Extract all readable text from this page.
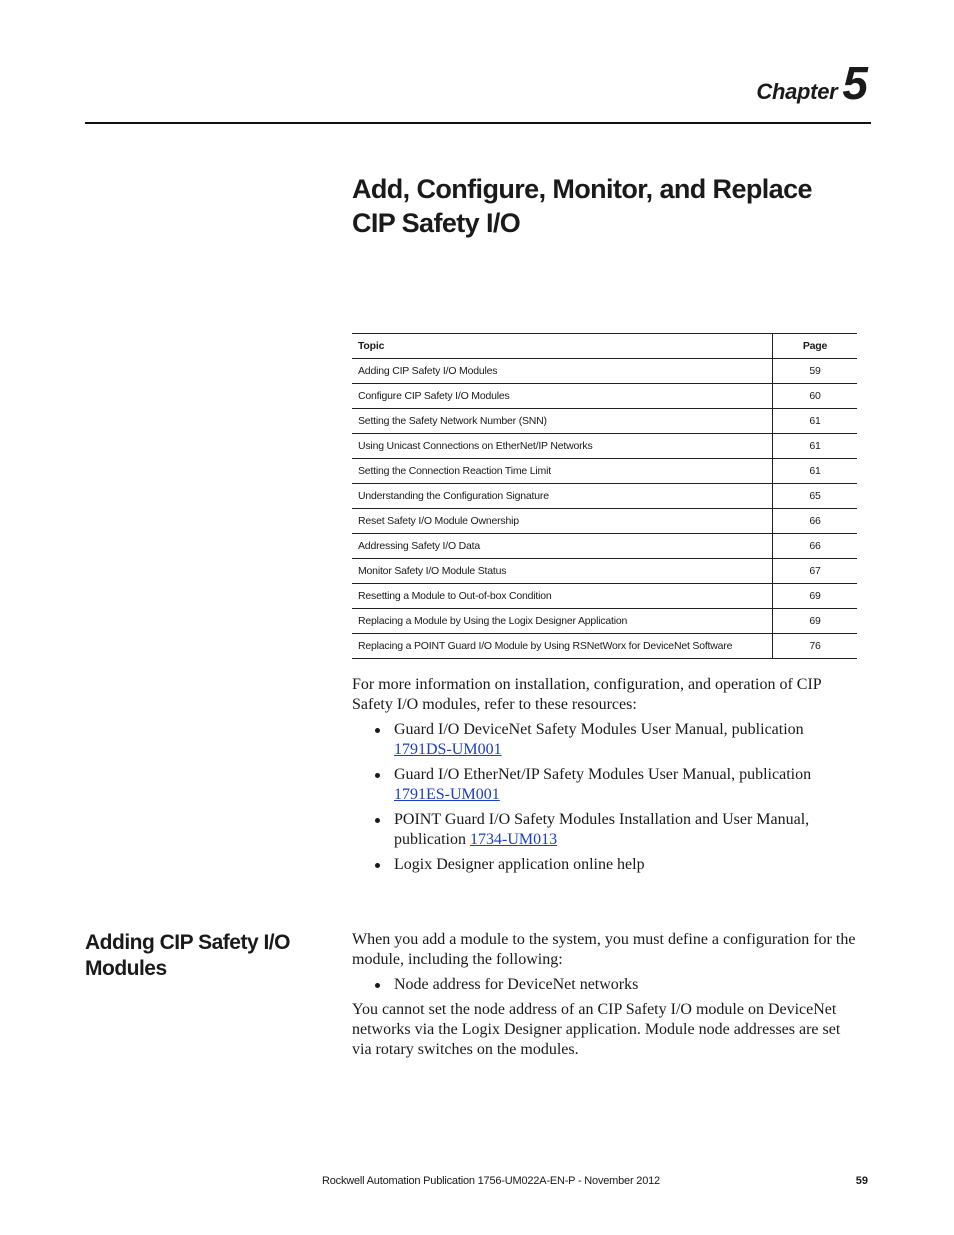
Chapter 5
Add, Configure, Monitor, and Replace
CIP Safety I/O
Topic	Page
Adding CIP Safety I/O Modules	59
Configure CIP Safety I/O Modules	60
Setting the Safety Network Number (SNN)	61
Using Unicast Connections on EtherNet/IP Networks	61
Setting the Connection Reaction Time Limit	61
Understanding the Configuration Signature	65
Reset Safety I/O Module Ownership	66
Addressing Safety I/O Data	66
Monitor Safety I/O Module Status	67
Resetting a Module to Out-of-box Condition	69
Replacing a Module by Using the Logix Designer Application	69
Replacing a POINT Guard I/O Module by Using RSNetWorx for DeviceNet Software	76

For more information on installation, configuration, and operation of CIP Safety I/O modules, refer to these resources:

Guard I/O DeviceNet Safety Modules User Manual, publication 1791DS-UM001
Guard I/O EtherNet/IP Safety Modules User Manual, publication 1791ES-UM001
POINT Guard I/O Safety Modules Installation and User Manual, publication 1734-UM013
Logix Designer application online help
Adding CIP Safety I/O Modules

When you add a module to the system, you must define a configuration for the module, including the following:

Node address for DeviceNet networks

You cannot set the node address of an CIP Safety I/O module on DeviceNet networks via the Logix Designer application. Module node addresses are set via rotary switches on the modules.

Rockwell Automation Publication 1756-UM022A-EN-P - November 2012	59
